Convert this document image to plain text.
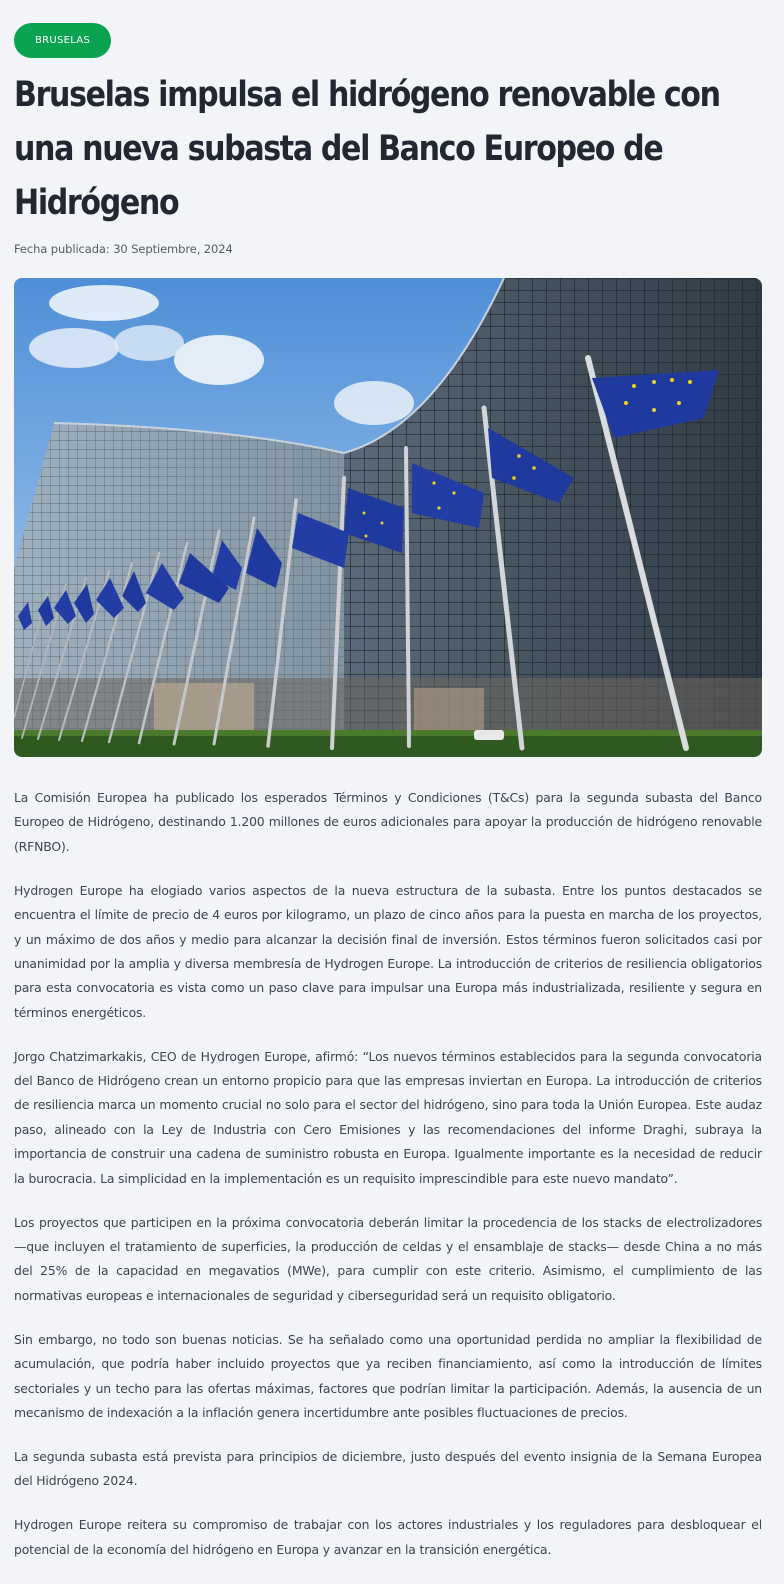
BRUSELAS
Bruselas impulsa el hidrógeno renovable con una nueva subasta del Banco Europeo de Hidrógeno
Fecha publicada: 30 Septiembre, 2024

La Comisión Europea ha publicado los esperados Términos y Condiciones (T&Cs) para la segunda subasta del Banco Europeo de Hidrógeno, destinando 1.200 millones de euros adicionales para apoyar la producción de hidrógeno renovable (RFNBO).

Hydrogen Europe ha elogiado varios aspectos de la nueva estructura de la subasta. Entre los puntos destacados se encuentra el límite de precio de 4 euros por kilogramo, un plazo de cinco años para la puesta en marcha de los proyectos, y un máximo de dos años y medio para alcanzar la decisión final de inversión. Estos términos fueron solicitados casi por unanimidad por la amplia y diversa membresía de Hydrogen Europe. La introducción de criterios de resiliencia obligatorios para esta convocatoria es vista como un paso clave para impulsar una Europa más industrializada, resiliente y segura en términos energéticos.

Jorgo Chatzimarkakis, CEO de Hydrogen Europe, afirmó: “Los nuevos términos establecidos para la segunda convocatoria del Banco de Hidrógeno crean un entorno propicio para que las empresas inviertan en Europa. La introducción de criterios de resiliencia marca un momento crucial no solo para el sector del hidrógeno, sino para toda la Unión Europea. Este audaz paso, alineado con la Ley de Industria con Cero Emisiones y las recomendaciones del informe Draghi, subraya la importancia de construir una cadena de suministro robusta en Europa. Igualmente importante es la necesidad de reducir la burocracia. La simplicidad en la implementación es un requisito imprescindible para este nuevo mandato”.

Los proyectos que participen en la próxima convocatoria deberán limitar la procedencia de los stacks de electrolizadores —que incluyen el tratamiento de superficies, la producción de celdas y el ensamblaje de stacks— desde China a no más del 25% de la capacidad en megavatios (MWe), para cumplir con este criterio. Asimismo, el cumplimiento de las normativas europeas e internacionales de seguridad y ciberseguridad será un requisito obligatorio.

Sin embargo, no todo son buenas noticias. Se ha señalado como una oportunidad perdida no ampliar la flexibilidad de acumulación, que podría haber incluido proyectos que ya reciben financiamiento, así como la introducción de límites sectoriales y un techo para las ofertas máximas, factores que podrían limitar la participación. Además, la ausencia de un mecanismo de indexación a la inflación genera incertidumbre ante posibles fluctuaciones de precios.

La segunda subasta está prevista para principios de diciembre, justo después del evento insignia de la Semana Europea del Hidrógeno 2024.

Hydrogen Europe reitera su compromiso de trabajar con los actores industriales y los reguladores para desbloquear el potencial de la economía del hidrógeno en Europa y avanzar en la transición energética.
